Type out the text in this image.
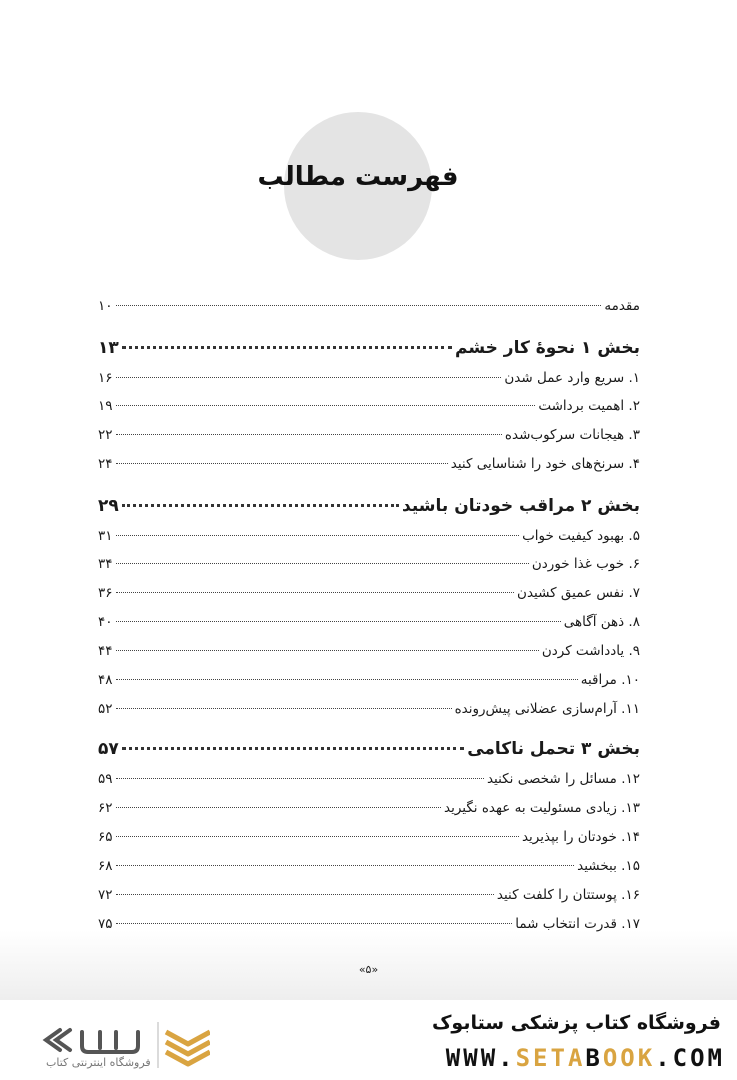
فهرست مطالب
مقدمه
۱۰
بخش ۱ نحوهٔ کار خشم
۱۳
۱. سریع وارد عمل شدن
۱۶
۲. اهمیت برداشت
۱۹
۳. هیجانات سرکوب‌شده
۲۲
۴. سرنخ‌های خود را شناسایی کنید
۲۴
بخش ۲ مراقب خودتان باشید
۲۹
۵. بهبود کیفیت خواب
۳۱
۶. خوب غذا خوردن
۳۴
۷. نفس عمیق کشیدن
۳۶
۸. ذهن آگاهی
۴۰
۹. یادداشت کردن
۴۴
۱۰. مراقبه
۴۸
۱۱. آرام‌سازی عضلانی پیش‌رونده
۵۲
بخش ۳ تحمل ناکامی
۵۷
۱۲. مسائل را شخصی نکنید
۵۹
۱۳. زیادی مسئولیت به عهده نگیرید
۶۲
۱۴. خودتان را بپذیرید
۶۵
۱۵. ببخشید
۶۸
۱۶. پوستتان را کلفت کنید
۷۲
۱۷. قدرت انتخاب شما
۷۵
«۵»
فروشگاه اینترنتی کتاب
فروشگاه کتاب پزشکی ستابوک
WWW.SETABOOK.COM
